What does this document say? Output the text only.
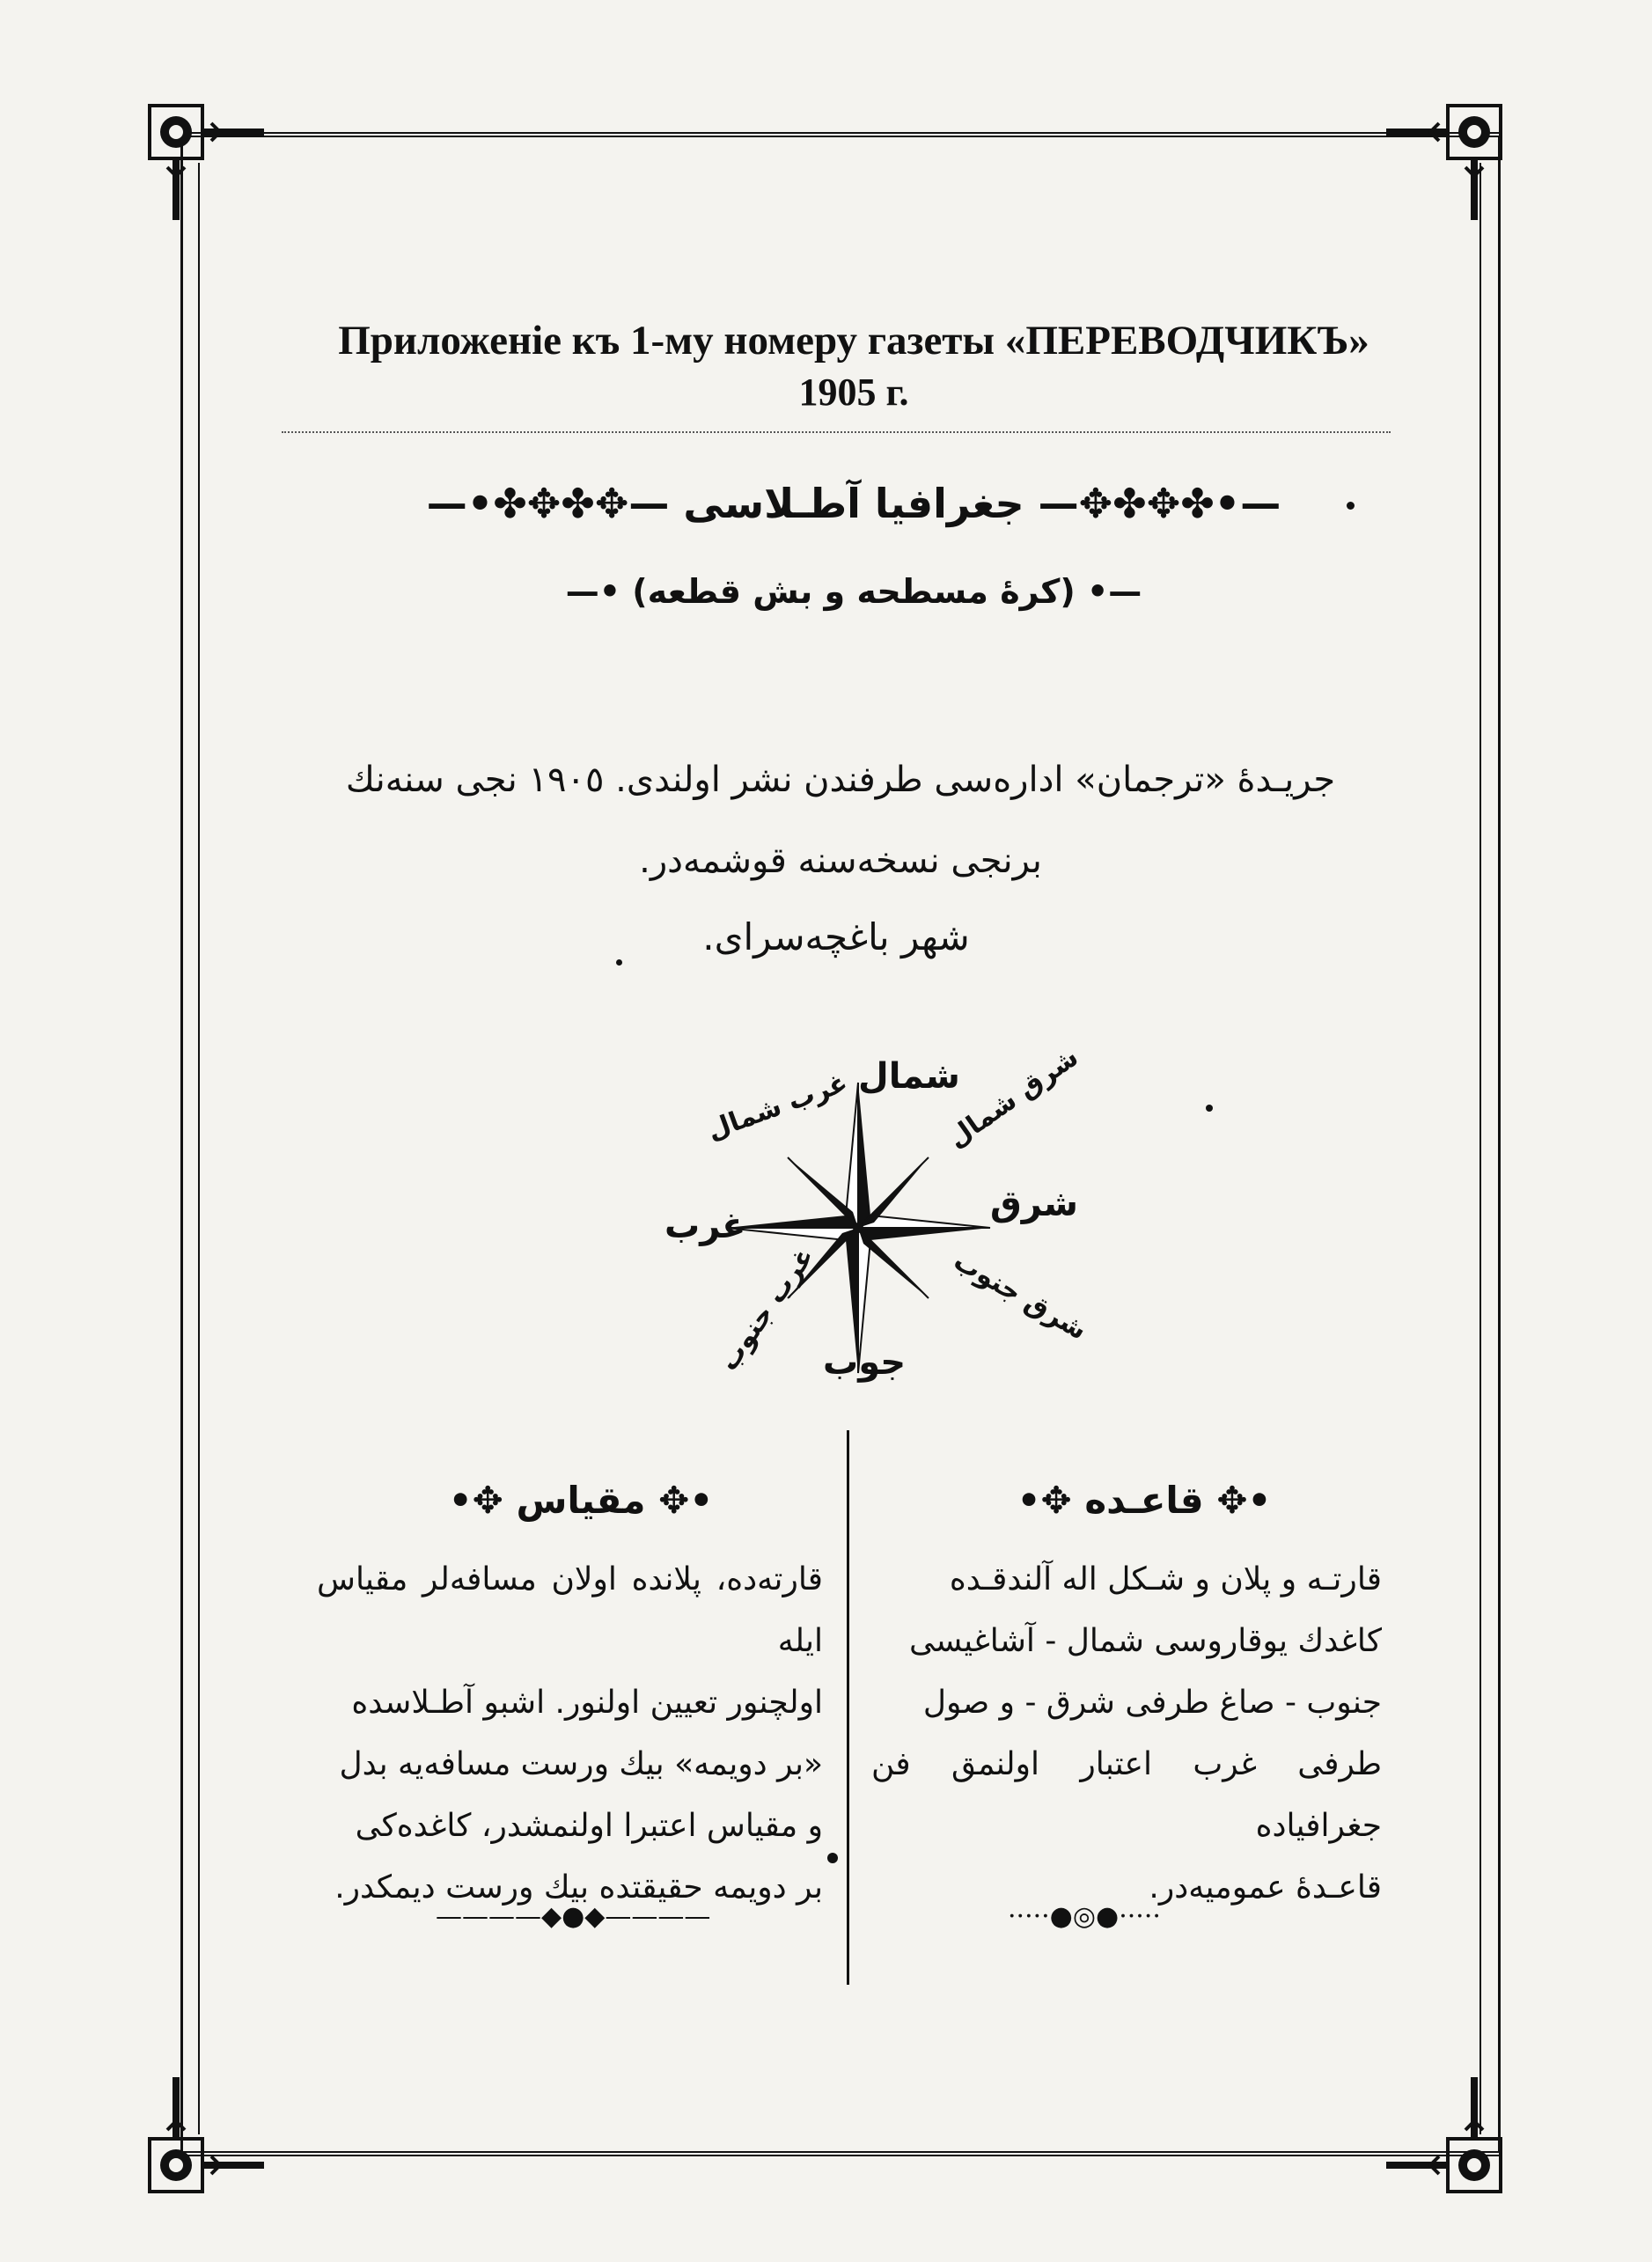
Приложеніе къ 1-му номеру газеты «ПЕРЕВОДЧИКЪ»
1905 г.
—•✤✥✤✥— جغرافيا آطـلاسى —✥✤✥✤•—
—• (كرهٔ مسطحه و بش قطعه) •—
جريـدهٔ «ترجمان» ادارەسى طرفندن نشر اولندى. ١٩٠٥ نجى سنەنك
برنجى نسخەسنه قوشمەدر.
شهر باغچەسراى.
شمال
شرق
غرب
جوب
غرب شمال	شرق شمال
غرب جنوب	شرق جنوب
•✥ مقياس ✥•
قارتەدە، پلانده اولان مسافەلر مقياس ايله
اولچنور تعيين اولنور. اشبو آطـلاسده
«بر دويمه» بيك ورست مسافەيه بدل
و مقياس اعتبرا اولنمشدر، كاغدەكى
بر دويمه حقيقتده بيك ورست ديمكدر.
————◆●◆————
•✥ قاعـدە ✥•
قارتـه و پلان و شـكل اله آلندقـده
كاغدك يوقاروسى شمال - آشاغيسى
جنوب - صاغ طرفى شرق - و صول
طرفى غرب اعتبار اولنمق فن جغرافياده
قاعـدهٔ عموميەدر.
·····●◎●·····
